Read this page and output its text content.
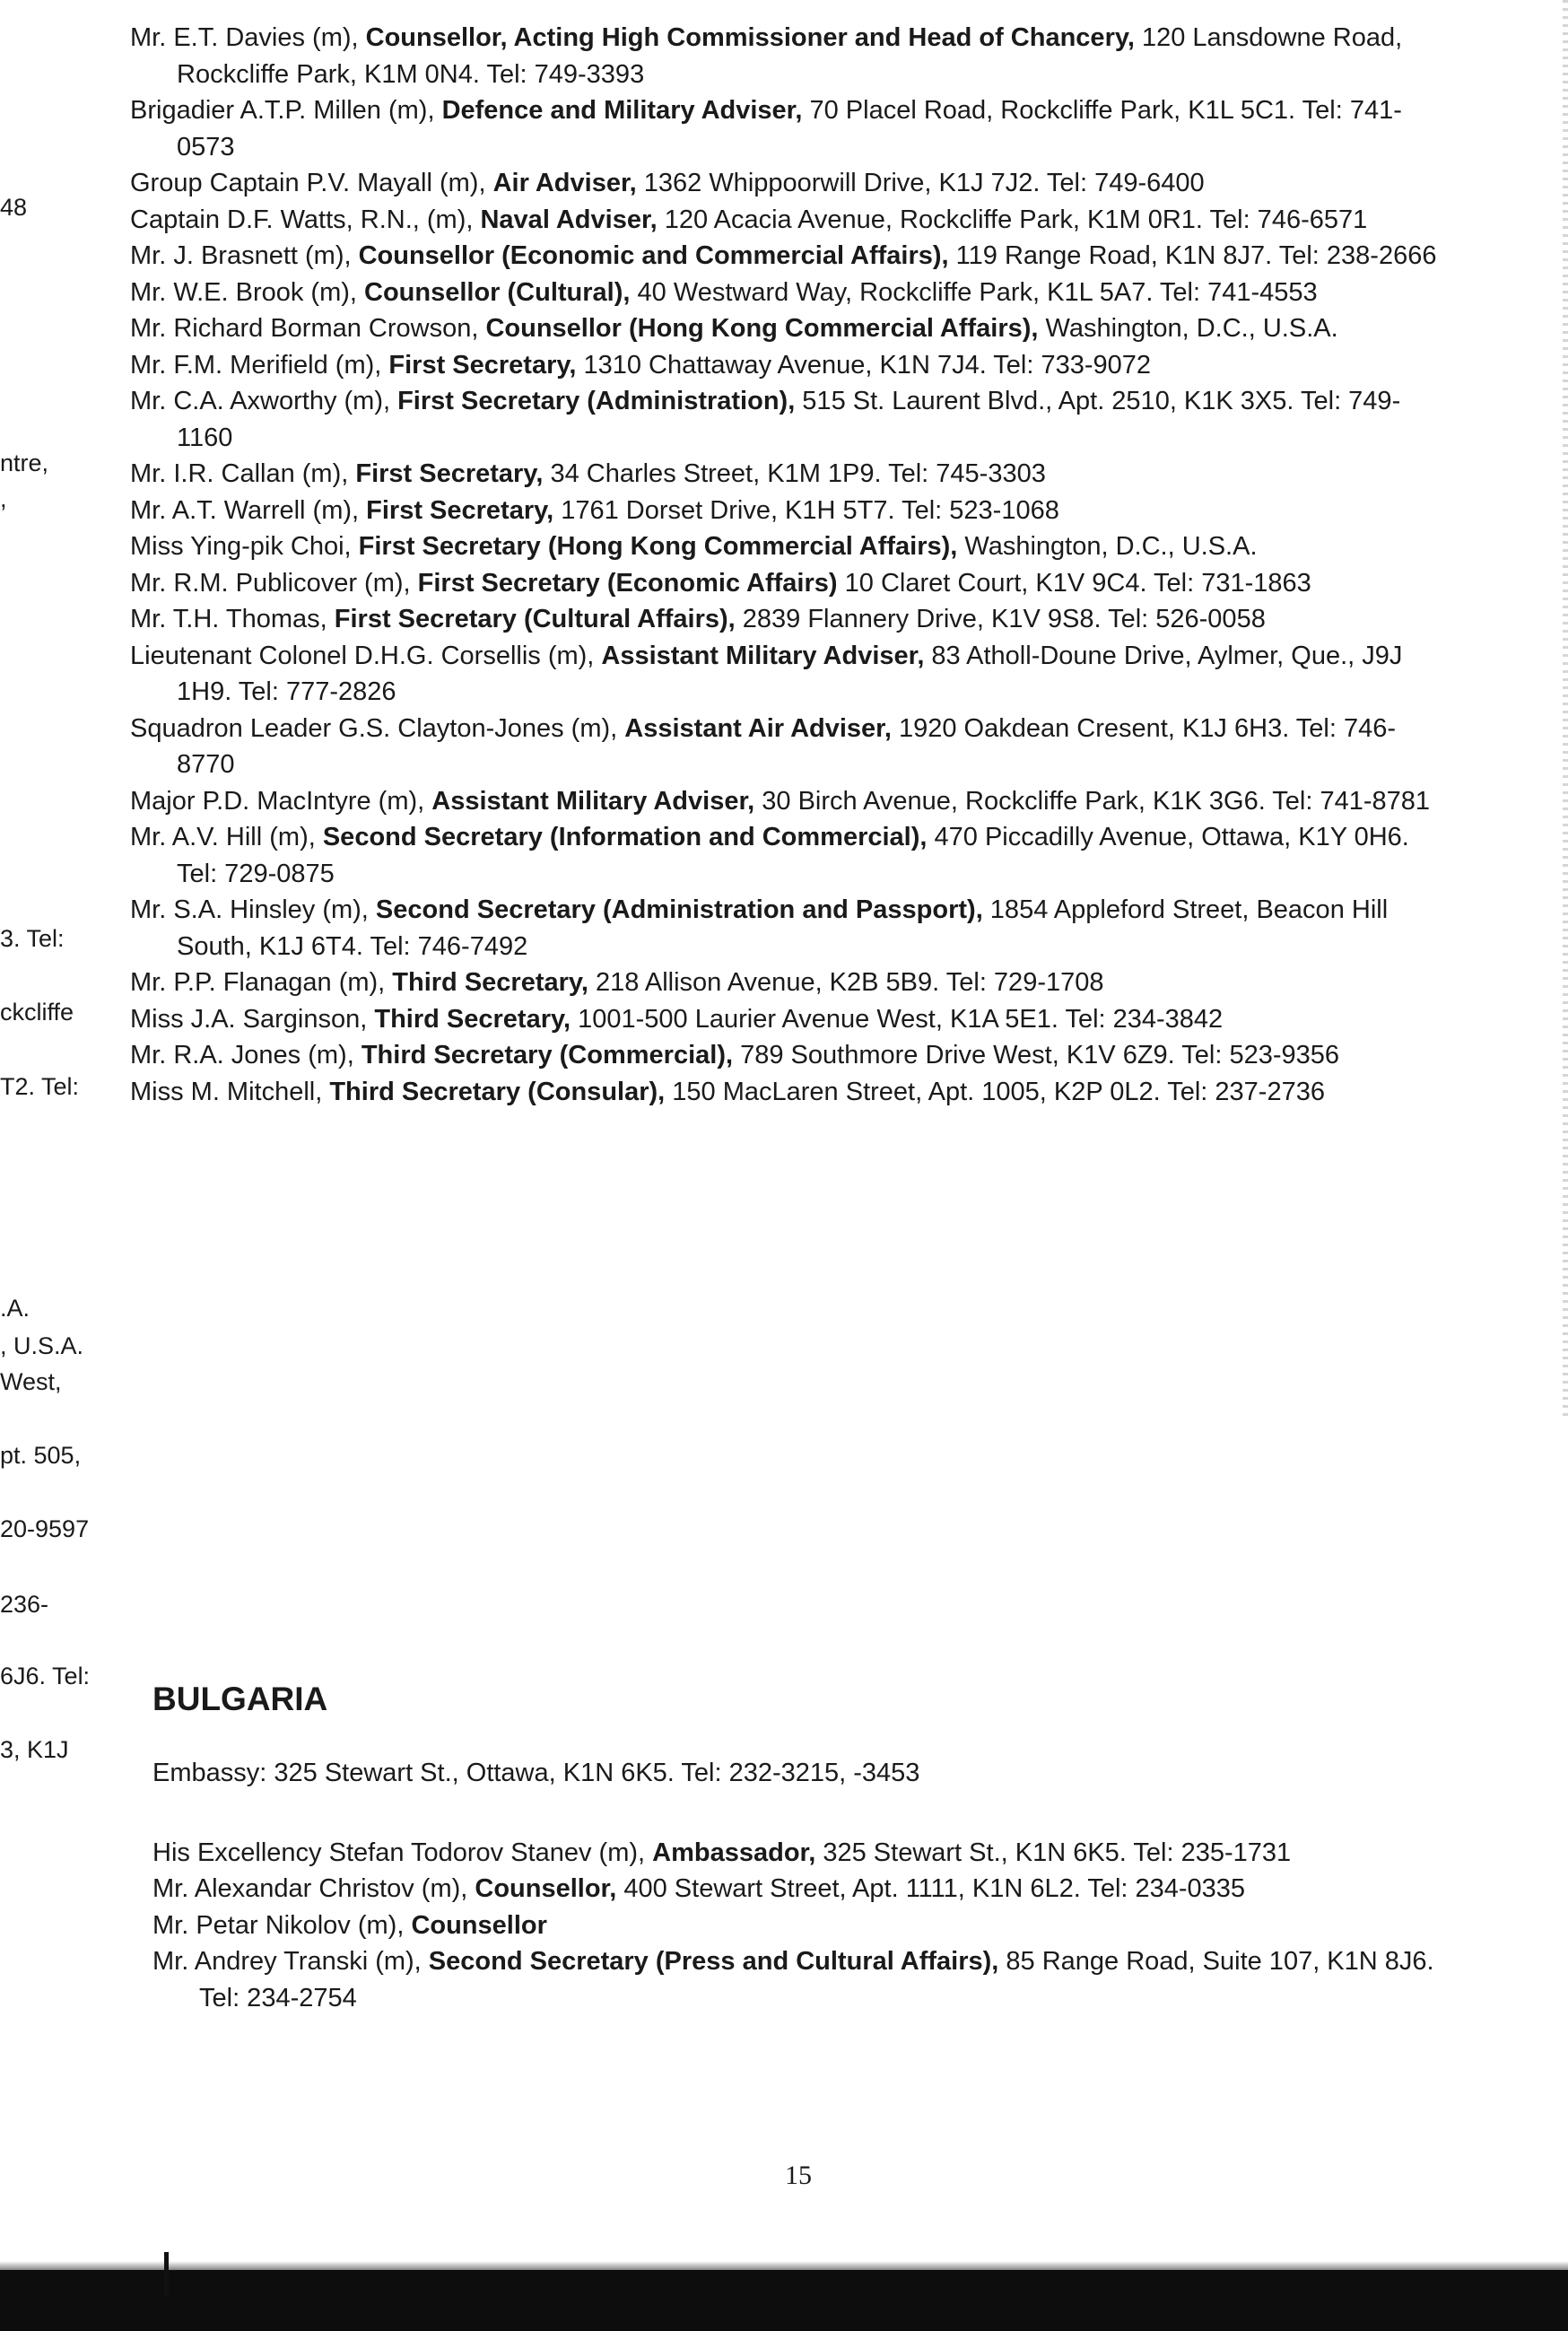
48
ntre,
,
3. Tel:
ckcliffe
T2. Tel:
.A.
, U.S.A.
West,
pt. 505,
20-9597
236-
6J6. Tel:
3, K1J

Mr. E.T. Davies (m), Counsellor, Acting High Commissioner and Head of Chancery, 120 Lansdowne Road, Rockcliffe Park, K1M 0N4. Tel: 749-3393

Brigadier A.T.P. Millen (m), Defence and Military Adviser, 70 Placel Road, Rockcliffe Park, K1L 5C1. Tel: 741-0573

Group Captain P.V. Mayall (m), Air Adviser, 1362 Whippoorwill Drive, K1J 7J2. Tel: 749-6400

Captain D.F. Watts, R.N., (m), Naval Adviser, 120 Acacia Avenue, Rockcliffe Park, K1M 0R1. Tel: 746-6571

Mr. J. Brasnett (m), Counsellor (Economic and Commercial Affairs), 119 Range Road, K1N 8J7. Tel: 238-2666

Mr. W.E. Brook (m), Counsellor (Cultural), 40 Westward Way, Rockcliffe Park, K1L 5A7. Tel: 741-4553

Mr. Richard Borman Crowson, Counsellor (Hong Kong Commercial Affairs), Washington, D.C., U.S.A.

Mr. F.M. Merifield (m), First Secretary, 1310 Chattaway Avenue, K1N 7J4. Tel: 733-9072

Mr. C.A. Axworthy (m), First Secretary (Administration), 515 St. Laurent Blvd., Apt. 2510, K1K 3X5. Tel: 749-1160

Mr. I.R. Callan (m), First Secretary, 34 Charles Street, K1M 1P9. Tel: 745-3303

Mr. A.T. Warrell (m), First Secretary, 1761 Dorset Drive, K1H 5T7. Tel: 523-1068

Miss Ying-pik Choi, First Secretary (Hong Kong Commercial Affairs), Washington, D.C., U.S.A.

Mr. R.M. Publicover (m), First Secretary (Economic Affairs) 10 Claret Court, K1V 9C4. Tel: 731-1863

Mr. T.H. Thomas, First Secretary (Cultural Affairs), 2839 Flannery Drive, K1V 9S8. Tel: 526-0058

Lieutenant Colonel D.H.G. Corsellis (m), Assistant Military Adviser, 83 Atholl-Doune Drive, Aylmer, Que., J9J 1H9. Tel: 777-2826

Squadron Leader G.S. Clayton-Jones (m), Assistant Air Adviser, 1920 Oakdean Cresent, K1J 6H3. Tel: 746-8770

Major P.D. MacIntyre (m), Assistant Military Adviser, 30 Birch Avenue, Rockcliffe Park, K1K 3G6. Tel: 741-8781

Mr. A.V. Hill (m), Second Secretary (Information and Commercial), 470 Piccadilly Avenue, Ottawa, K1Y 0H6. Tel: 729-0875

Mr. S.A. Hinsley (m), Second Secretary (Administration and Passport), 1854 Appleford Street, Beacon Hill South, K1J 6T4. Tel: 746-7492

Mr. P.P. Flanagan (m), Third Secretary, 218 Allison Avenue, K2B 5B9. Tel: 729-1708

Miss J.A. Sarginson, Third Secretary, 1001-500 Laurier Avenue West, K1A 5E1. Tel: 234-3842

Mr. R.A. Jones (m), Third Secretary (Commercial), 789 Southmore Drive West, K1V 6Z9. Tel: 523-9356

Miss M. Mitchell, Third Secretary (Consular), 150 MacLaren Street, Apt. 1005, K2P 0L2. Tel: 237-2736

BULGARIA
Embassy: 325 Stewart St., Ottawa, K1N 6K5. Tel: 232-3215, -3453

His Excellency Stefan Todorov Stanev (m), Ambassador, 325 Stewart St., K1N 6K5. Tel: 235-1731

Mr. Alexandar Christov (m), Counsellor, 400 Stewart Street, Apt. 1111, K1N 6L2. Tel: 234-0335

Mr. Petar Nikolov (m), Counsellor

Mr. Andrey Transki (m), Second Secretary (Press and Cultural Affairs), 85 Range Road, Suite 107, K1N 8J6. Tel: 234-2754

15
